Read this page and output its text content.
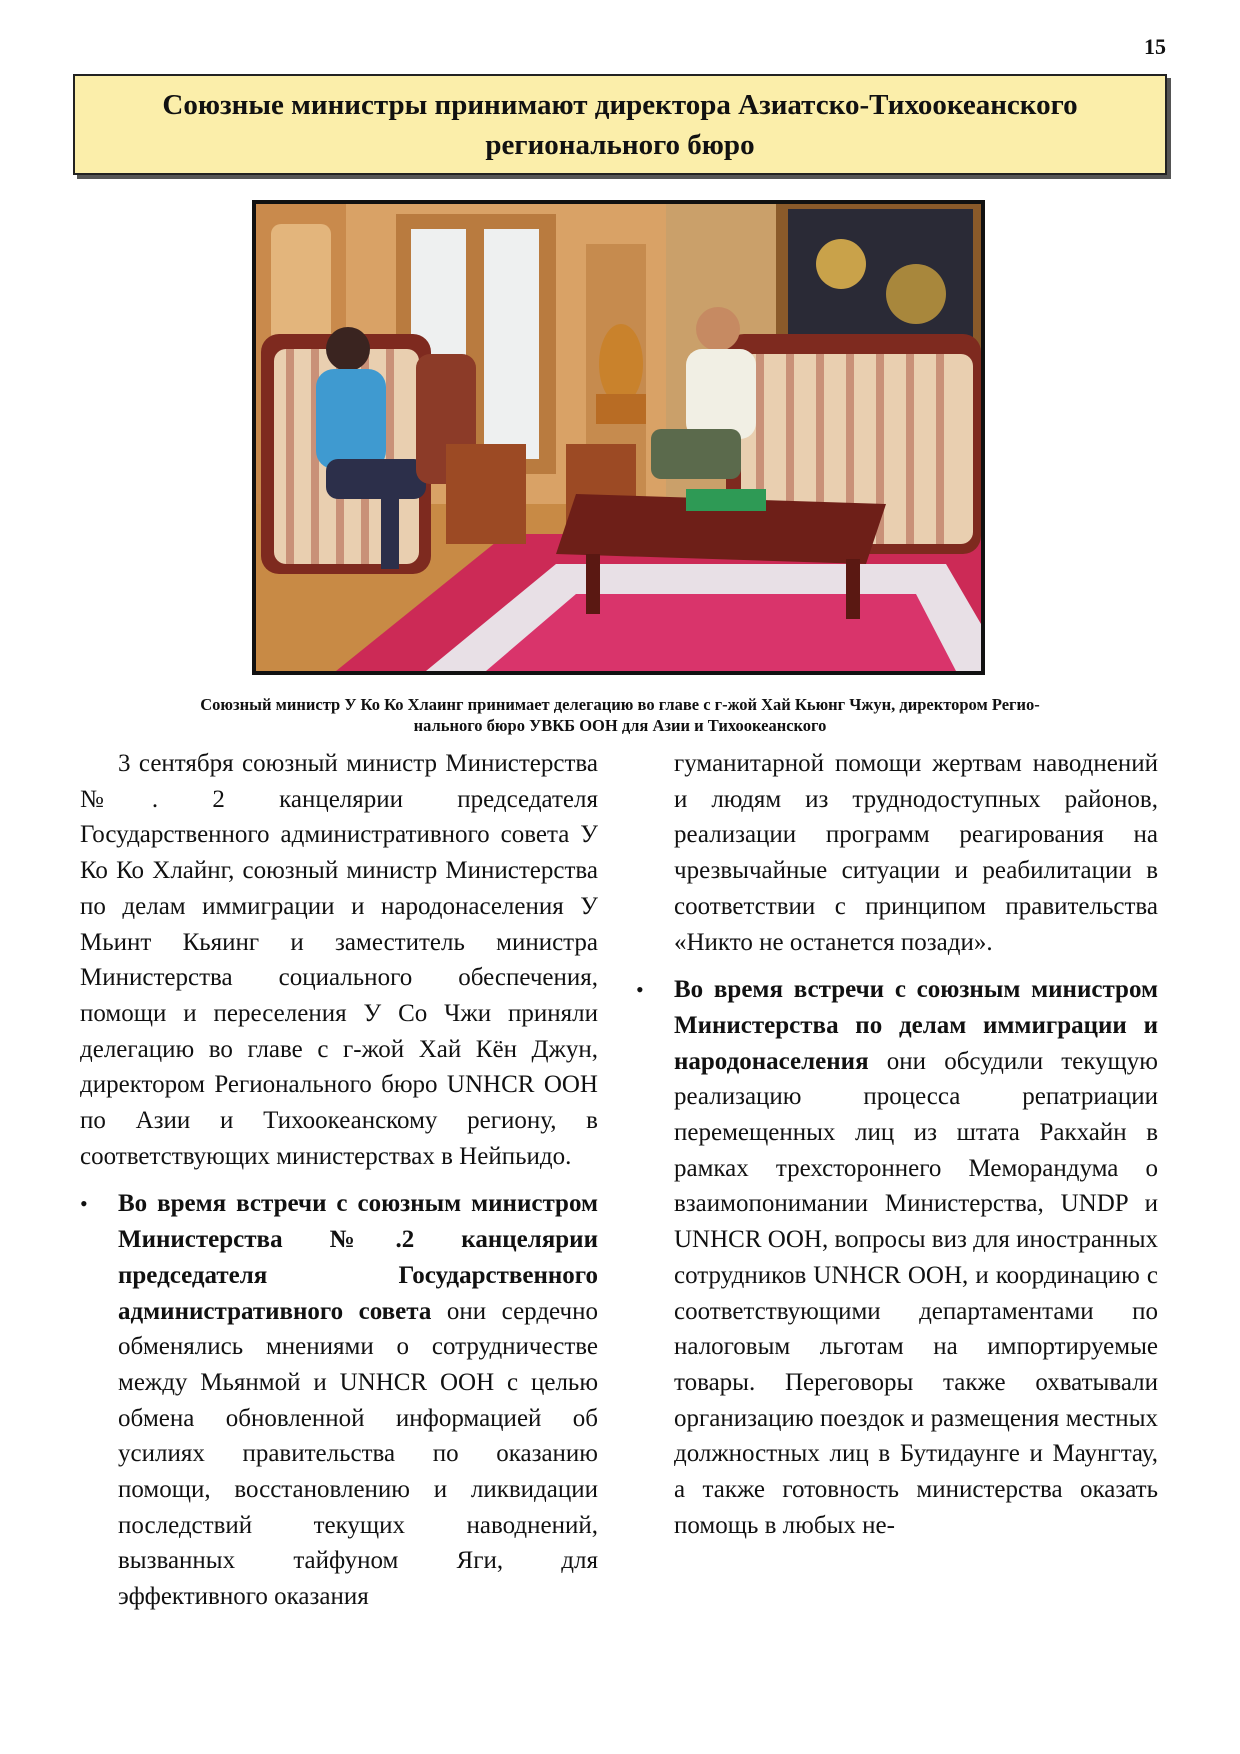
15
Союзные министры принимают директора Азиатско-Тихоокеанского регионального бюро
Союзный министр У Ко Ко Хлаинг принимает делегацию во главе с г-жой Хай Кьюнг Чжун, директором Регио-
нального бюро УВКБ ООН для Азии и Тихоокеанского

3 сентября союзный министр Министерства №. 2 канцелярии председателя Государственного административного совета У Ко Ко Хлайнг, союзный министр Министерства по делам иммиграции и народонаселения У Мьинт Кьяинг и заместитель министра Министерства социального обеспечения, помощи и переселения У Со Чжи приняли делегацию во главе с г-жой Хай Кён Джун, директором Регионального бюро UNHCR ООН по Азии и Тихоокеанскому региону, в соответствующих министерствах в Нейпьидо.

• Во время встречи с союзным министром Министерства №.2 канцелярии председателя Государственного административного совета они сердечно обменялись мнениями о сотрудничестве между Мьянмой и UNHCR ООН с целью обмена обновленной информацией об усилиях правительства по оказанию помощи, восстановлению и ликвидации последствий текущих наводнений, вызванных тайфуном Яги, для эффективного оказания

гуманитарной помощи жертвам наводнений и людям из труднодоступных районов, реализации программ реагирования на чрезвычайные ситуации и реабилитации в соответствии с принципом правительства «Никто не останется позади».

• Во время встречи с союзным министром Министерства по делам иммиграции и народонаселения они обсудили текущую реализацию процесса репатриации перемещенных лиц из штата Ракхайн в рамках трехстороннего Меморандума о взаимопонимании Министерства, UNDP и UNHCR ООН, вопросы виз для иностранных сотрудников UNHCR ООН, и координацию с соответствующими департаментами по налоговым льготам на импортируемые товары. Переговоры также охватывали организацию поездок и размещения местных должностных лиц в Бутидаунге и Маунгтау, а также готовность министерства оказать помощь в любых не-
